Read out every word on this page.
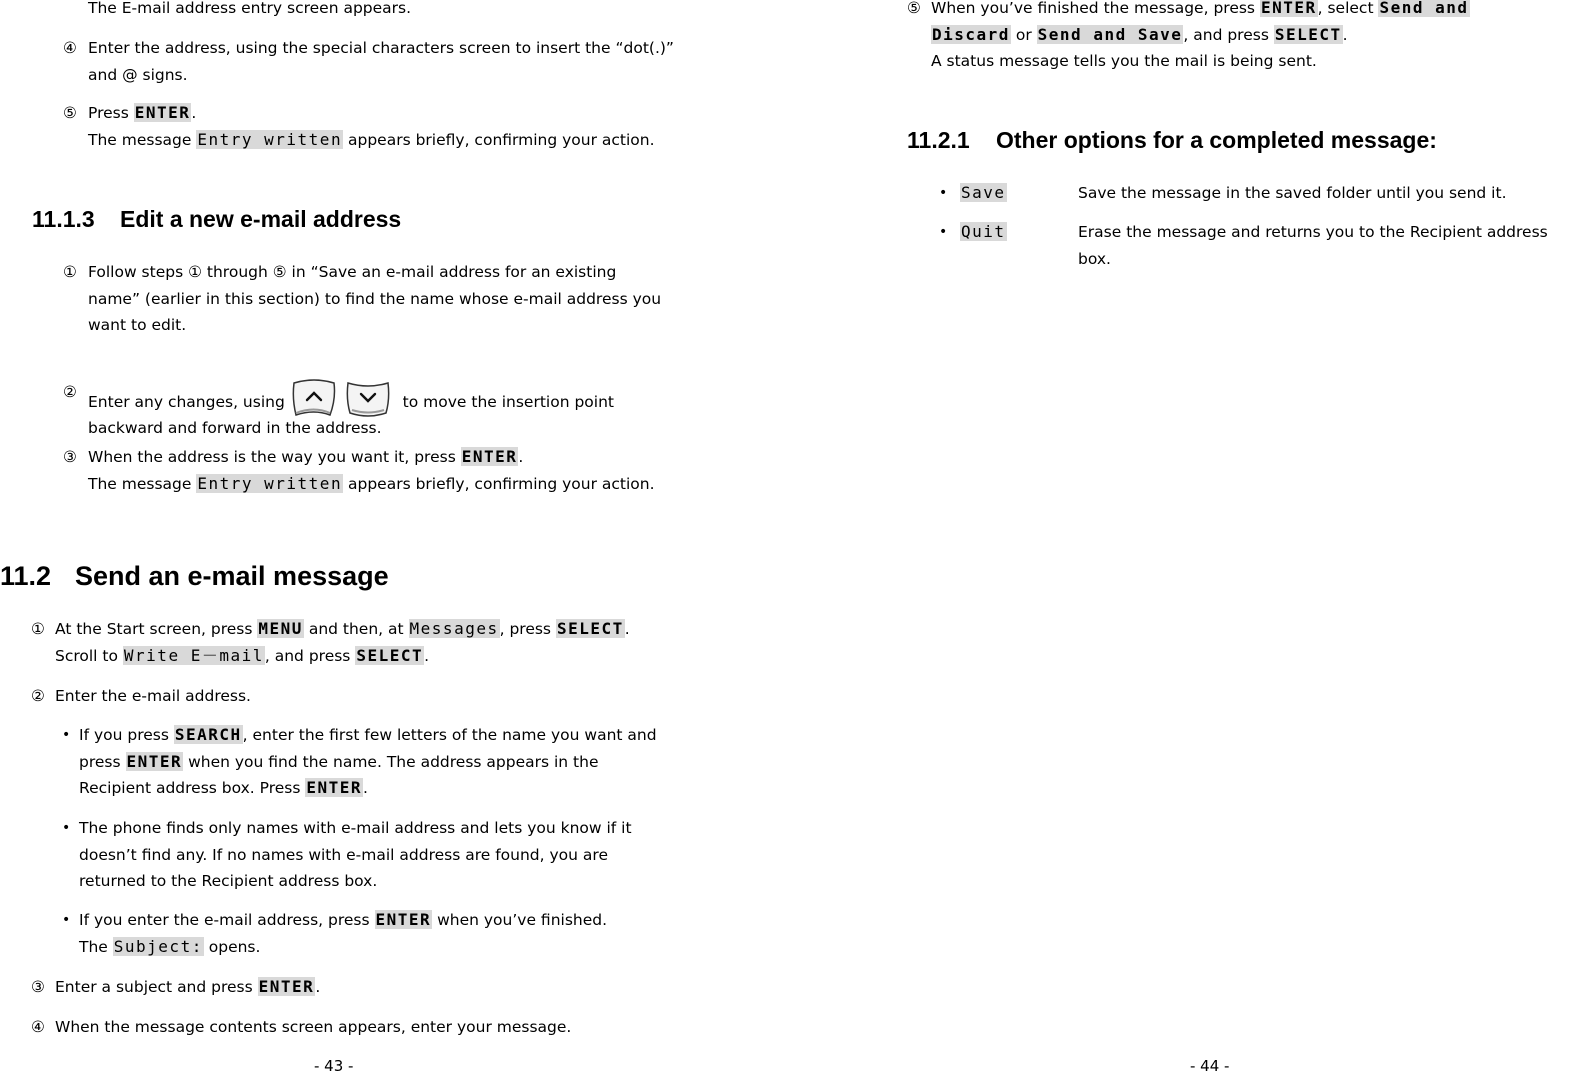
The E-mail address entry screen appears.
④ Enter the address, using the special characters screen to insert the “dot(.)”
and @ signs.
⑤ Press ENTER.
The message Entry written appears briefly, confirming your action.
11.1.3 Edit a new e-mail address
① Follow steps ① through ⑤ in “Save an e-mail address for an existing
name” (earlier in this section) to find the name whose e-mail address you
want to edit.
②
Enter any changes, using	to move the insertion point
backward and forward in the address.
③ When the address is the way you want it, press ENTER.
The message Entry written appears briefly, confirming your action.
11.2 Send an e-mail message
① At the Start screen, press MENU and then, at Messages, press SELECT.
Scroll to Write E－mail, and press SELECT.
② Enter the e-mail address.
• If you press SEARCH, enter the first few letters of the name you want and
press ENTER when you find the name. The address appears in the
Recipient address box. Press ENTER.
• The phone finds only names with e-mail address and lets you know if it
doesn’t find any. If no names with e-mail address are found, you are
returned to the Recipient address box.
• If you enter the e-mail address, press ENTER when you’ve finished.
The Subject: opens.
③ Enter a subject and press ENTER.
④ When the message contents screen appears, enter your message.
- 43 -
⑤ When you’ve finished the message, press ENTER, select Send and
Discard or Send and Save, and press SELECT.
A status message tells you the mail is being sent.
11.2.1 Other options for a completed message:
• Save	Save the message in the saved folder until you send it.
• Quit	Erase the message and returns you to the Recipient address
box.
- 44 -
